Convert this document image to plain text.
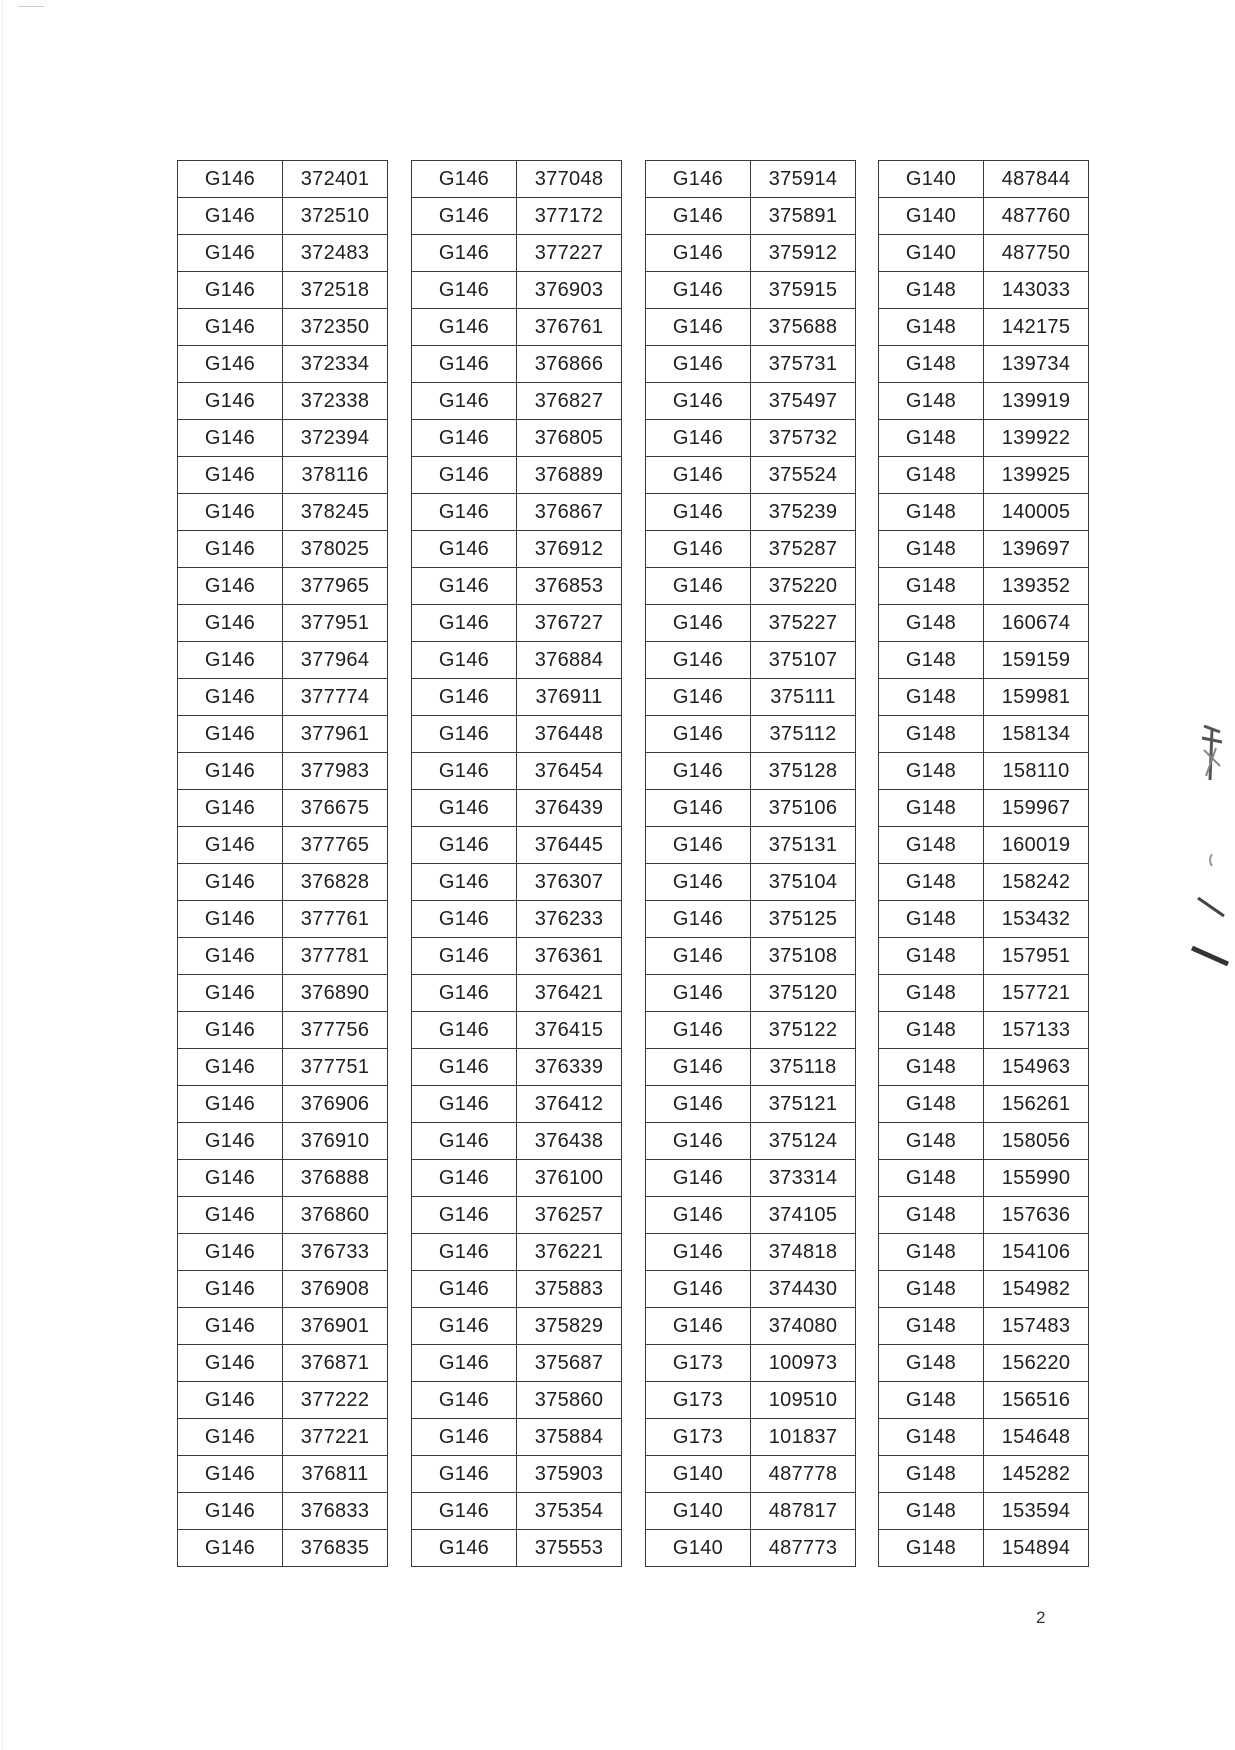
G146	372401
G146	372510
G146	372483
G146	372518
G146	372350
G146	372334
G146	372338
G146	372394
G146	378116
G146	378245
G146	378025
G146	377965
G146	377951
G146	377964
G146	377774
G146	377961
G146	377983
G146	376675
G146	377765
G146	376828
G146	377761
G146	377781
G146	376890
G146	377756
G146	377751
G146	376906
G146	376910
G146	376888
G146	376860
G146	376733
G146	376908
G146	376901
G146	376871
G146	377222
G146	377221
G146	376811
G146	376833
G146	376835
G146	377048
G146	377172
G146	377227
G146	376903
G146	376761
G146	376866
G146	376827
G146	376805
G146	376889
G146	376867
G146	376912
G146	376853
G146	376727
G146	376884
G146	376911
G146	376448
G146	376454
G146	376439
G146	376445
G146	376307
G146	376233
G146	376361
G146	376421
G146	376415
G146	376339
G146	376412
G146	376438
G146	376100
G146	376257
G146	376221
G146	375883
G146	375829
G146	375687
G146	375860
G146	375884
G146	375903
G146	375354
G146	375553
G146	375914
G146	375891
G146	375912
G146	375915
G146	375688
G146	375731
G146	375497
G146	375732
G146	375524
G146	375239
G146	375287
G146	375220
G146	375227
G146	375107
G146	375111
G146	375112
G146	375128
G146	375106
G146	375131
G146	375104
G146	375125
G146	375108
G146	375120
G146	375122
G146	375118
G146	375121
G146	375124
G146	373314
G146	374105
G146	374818
G146	374430
G146	374080
G173	100973
G173	109510
G173	101837
G140	487778
G140	487817
G140	487773
G140	487844
G140	487760
G140	487750
G148	143033
G148	142175
G148	139734
G148	139919
G148	139922
G148	139925
G148	140005
G148	139697
G148	139352
G148	160674
G148	159159
G148	159981
G148	158134
G148	158110
G148	159967
G148	160019
G148	158242
G148	153432
G148	157951
G148	157721
G148	157133
G148	154963
G148	156261
G148	158056
G148	155990
G148	157636
G148	154106
G148	154982
G148	157483
G148	156220
G148	156516
G148	154648
G148	145282
G148	153594
G148	154894
2
